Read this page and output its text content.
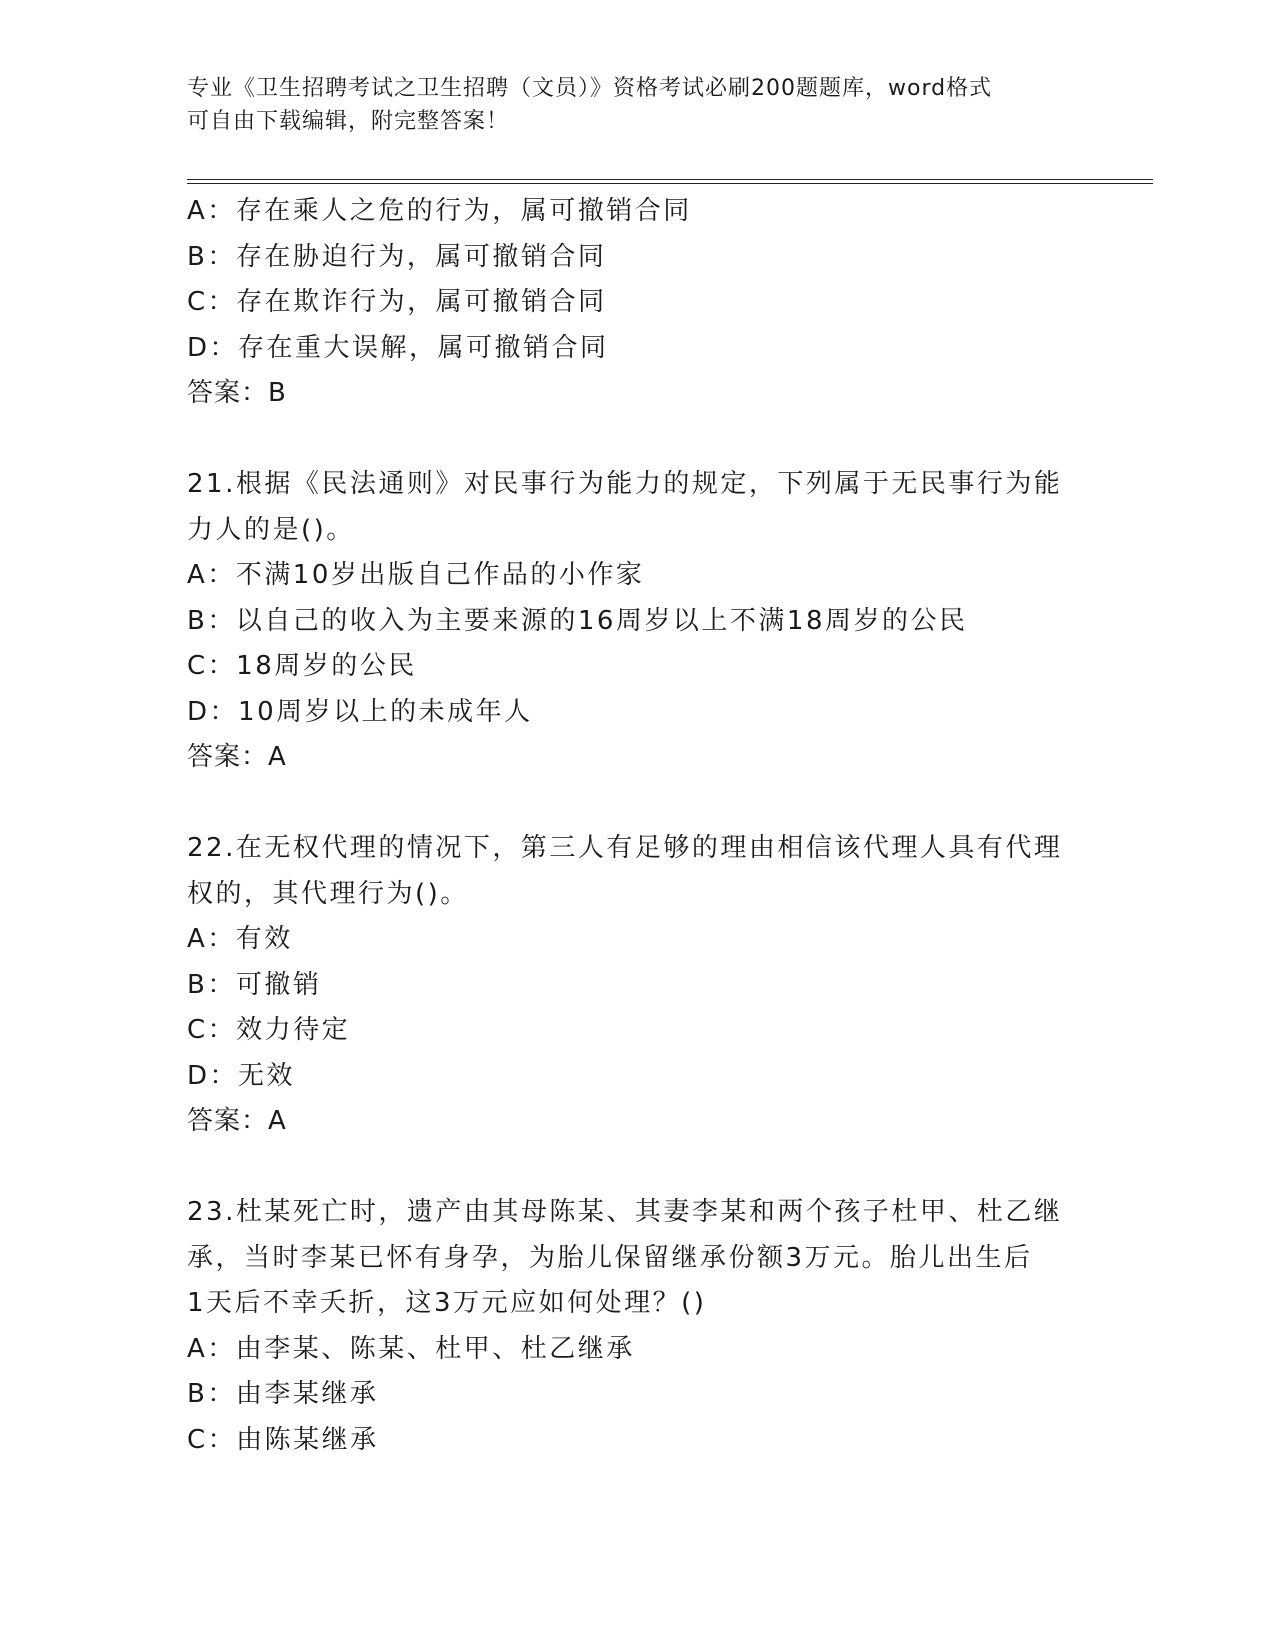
专业《卫生招聘考试之卫生招聘（文员）》资格考试必刷200题题库，word格式
可自由下载编辑，附完整答案！
A：存在乘人之危的行为，属可撤销合同
B：存在胁迫行为，属可撤销合同
C：存在欺诈行为，属可撤销合同
D：存在重大误解，属可撤销合同
答案：B
21.根据《民法通则》对民事行为能力的规定，下列属于无民事行为能
力人的是()。
A：不满10岁出版自己作品的小作家
B：以自己的收入为主要来源的16周岁以上不满18周岁的公民
C：18周岁的公民
D：10周岁以上的未成年人
答案：A
22.在无权代理的情况下，第三人有足够的理由相信该代理人具有代理
权的，其代理行为()。
A：有效
B：可撤销
C：效力待定
D：无效
答案：A
23.杜某死亡时，遗产由其母陈某、其妻李某和两个孩子杜甲、杜乙继
承，当时李某已怀有身孕，为胎儿保留继承份额3万元。胎儿出生后
1天后不幸夭折，这3万元应如何处理？()
A：由李某、陈某、杜甲、杜乙继承
B：由李某继承
C：由陈某继承
